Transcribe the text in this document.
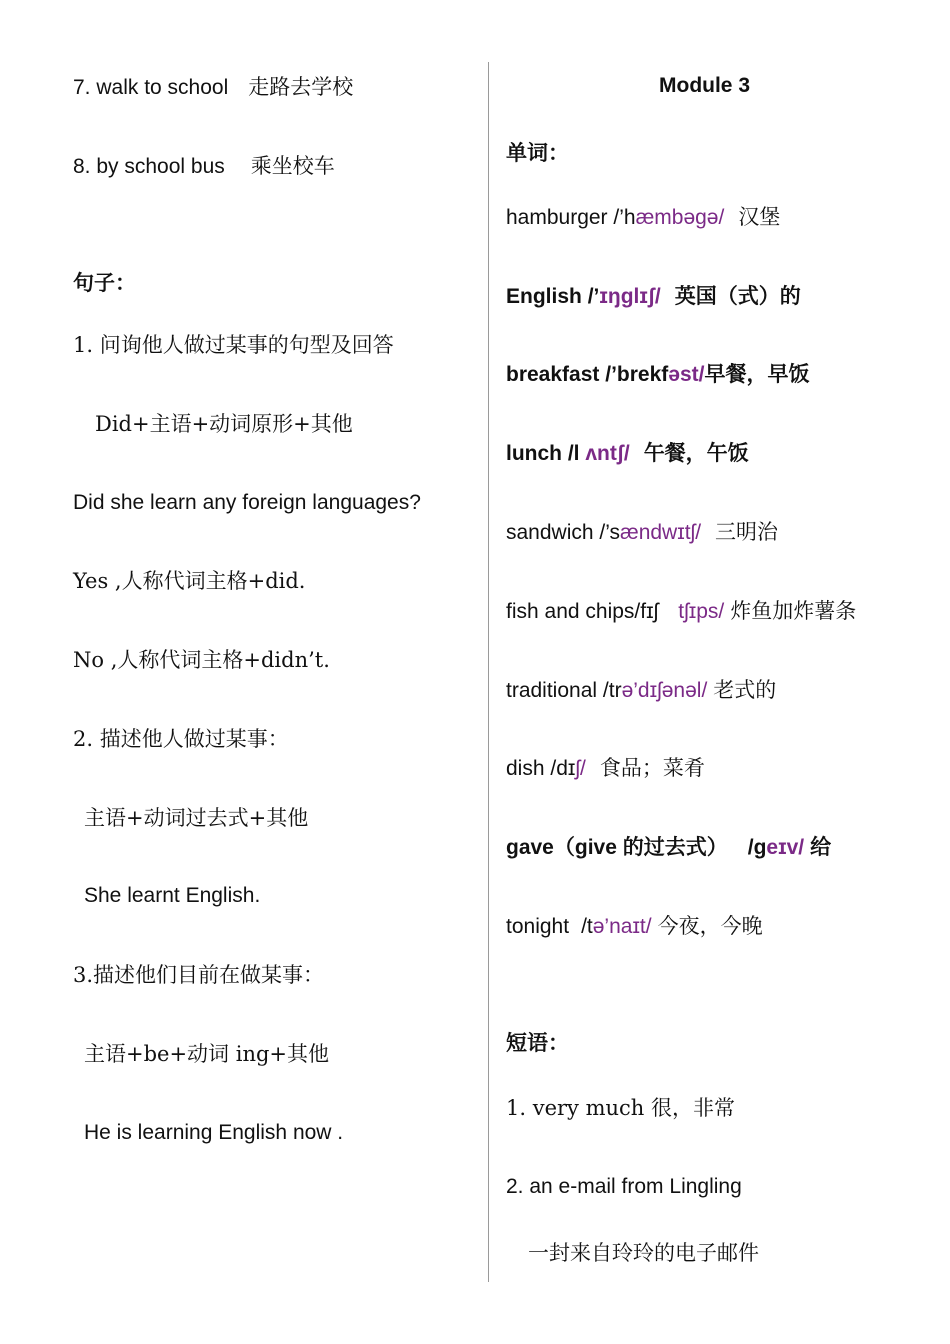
7. walk to school 走路去学校
8. by school bus 乘坐校车
句子：
1. 问询他人做过某事的句型及回答
Did+主语+动词原形+其他
Did she learn any foreign languages?
Yes ,人称代词主格+did.
No ,人称代词主格+didn’t.
2. 描述他人做过某事：
主语+动词过去式+其他
She learnt English.
3.描述他们目前在做某事：
主语+be+动词 ing+其他
He is learning English now .
Module 3
单词：
hamburger /’hæmbəgə/ 汉堡
English /’ɪŋglɪʃ/ 英国（式）的
breakfast /’brekfəst/早餐，早饭
lunch /l ʌntʃ/ 午餐，午饭
sandwich /’sændwɪtʃ/ 三明治
fish and chips/fɪʃ tʃɪps/ 炸鱼加炸薯条
traditional /trə’dɪʃənəl/ 老式的
dish /dɪʃ/ 食品；菜肴
gave（give 的过去式） /geɪv/ 给
tonight /tə’naɪt/ 今夜，今晚
短语：
1. very much 很，非常
2. an e-mail from Lingling
一封来自玲玲的电子邮件
